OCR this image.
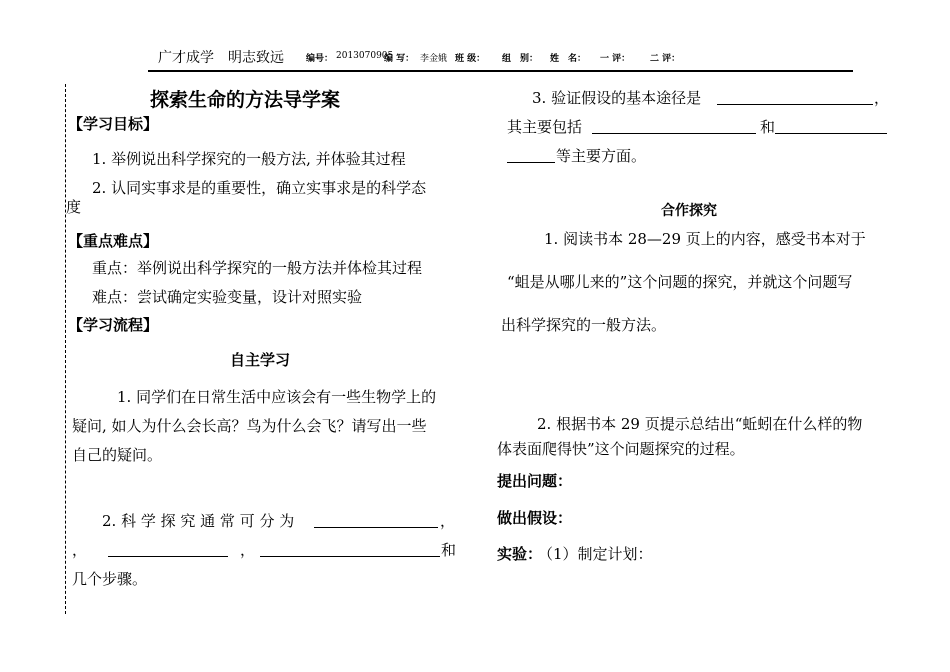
广才成学　明志致远 编号： 2013070905
编 写： 李金娥 班 级： 组　别： 姓　名： 一 评： 二 评：
探索生命的方法导学案
【学习目标】
1. 举例说出科学探究的一般方法, 并体验其过程
2. 认同实事求是的重要性，确立实事求是的科学态
度
【重点难点】
重点：举例说出科学探究的一般方法并体检其过程
难点：尝试确定实验变量，设计对照实验
【学习流程】
自主学习
1. 同学们在日常生活中应该会有一些生物学上的
疑问, 如人为什么会长高？鸟为什么会飞？请写出一些
自己的疑问。
2. 科 学 探 究 通 常 可 分 为	，
，	，	和
几个步骤。
3. 验证假设的基本途径是	，
其主要包括	和
等主要方面。
合作探究
1. 阅读书本 28—29 页上的内容，感受书本对于
“蛆是从哪儿来的”这个问题的探究，并就这个问题写
出科学探究的一般方法。
2. 根据书本 29 页提示总结出“蚯蚓在什么样的物
体表面爬得快”这个问题探究的过程。
提出问题：
做出假设：
实验：
（1）制定计划：
